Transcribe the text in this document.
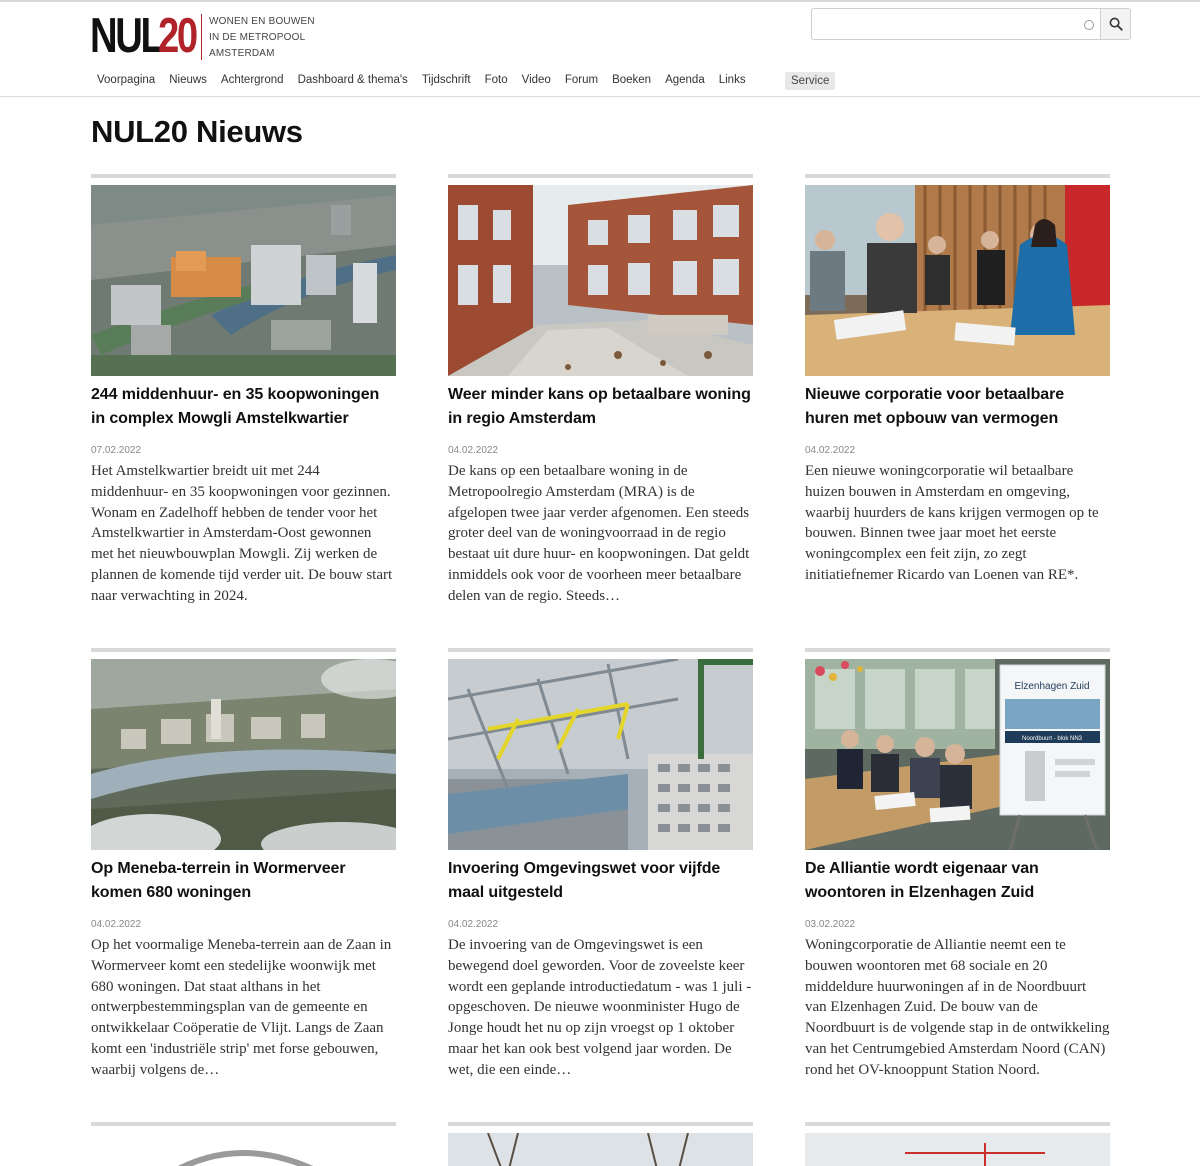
NUL
20 WONEN EN BOUWEN
IN DE METROPOOL
AMSTERDAM
Voorpagina	Nieuws	Achtergrond	Dashboard & thema's	Tijdschrift	Foto	Video	Forum	Boeken	Agenda	Links	Service
NUL20 Nieuws
244 middenhuur- en 35 koopwoningen in complex Mowgli Amstelkwartier
07.02.2022

Het Amstelkwartier breidt uit met 244 middenhuur- en 35 koopwoningen voor gezinnen. Wonam en Zadelhoff hebben de tender voor het Amstelkwartier in Amsterdam-Oost gewonnen met het nieuwbouwplan Mowgli. Zij werken de plannen de komende tijd verder uit. De bouw start naar verwachting in 2024.

Weer minder kans op betaalbare woning in regio Amsterdam
04.02.2022

De kans op een betaalbare woning in de Metropoolregio Amsterdam (MRA) is de afgelopen twee jaar verder afgenomen. Een steeds groter deel van de woningvoorraad in de regio bestaat uit dure huur- en koopwoningen. Dat geldt inmiddels ook voor de voorheen meer betaalbare delen van de regio. Steeds…

Nieuwe corporatie voor betaalbare huren met opbouw van vermogen
04.02.2022

Een nieuwe woningcorporatie wil betaalbare huizen bouwen in Amsterdam en omgeving, waarbij huurders de kans krijgen vermogen op te bouwen. Binnen twee jaar moet het eerste woningcomplex een feit zijn, zo zegt initiatiefnemer Ricardo van Loenen van RE*.

Op Meneba-terrein in Wormerveer komen 680 woningen
04.02.2022

Op het voormalige Meneba-terrein aan de Zaan in Wormerveer komt een stedelijke woonwijk met 680 woningen. Dat staat althans in het ontwerpbestemmingsplan van de gemeente en ontwikkelaar Coöperatie de Vlijt. Langs de Zaan komt een 'industriële strip' met forse gebouwen, waarbij volgens de…

Invoering Omgevingswet voor vijfde maal uitgesteld
04.02.2022

De invoering van de Omgevingswet is een bewegend doel geworden. Voor de zoveelste keer wordt een geplande introductiedatum - was 1 juli - opgeschoven. De nieuwe woonminister Hugo de Jonge houdt het nu op zijn vroegst op 1 oktober maar het kan ook best volgend jaar worden. De wet, die een einde…

Elzenhagen Zuid
Noordbuurt - blok NN3
De Alliantie wordt eigenaar van woontoren in Elzenhagen Zuid
03.02.2022

Woningcorporatie de Alliantie neemt een te bouwen woontoren met 68 sociale en 20 middeldure huurwoningen af in de Noordbuurt van Elzenhagen Zuid. De bouw van de Noordbuurt is de volgende stap in de ontwikkeling van het Centrumgebied Amsterdam Noord (CAN) rond het OV-knooppunt Station Noord.
